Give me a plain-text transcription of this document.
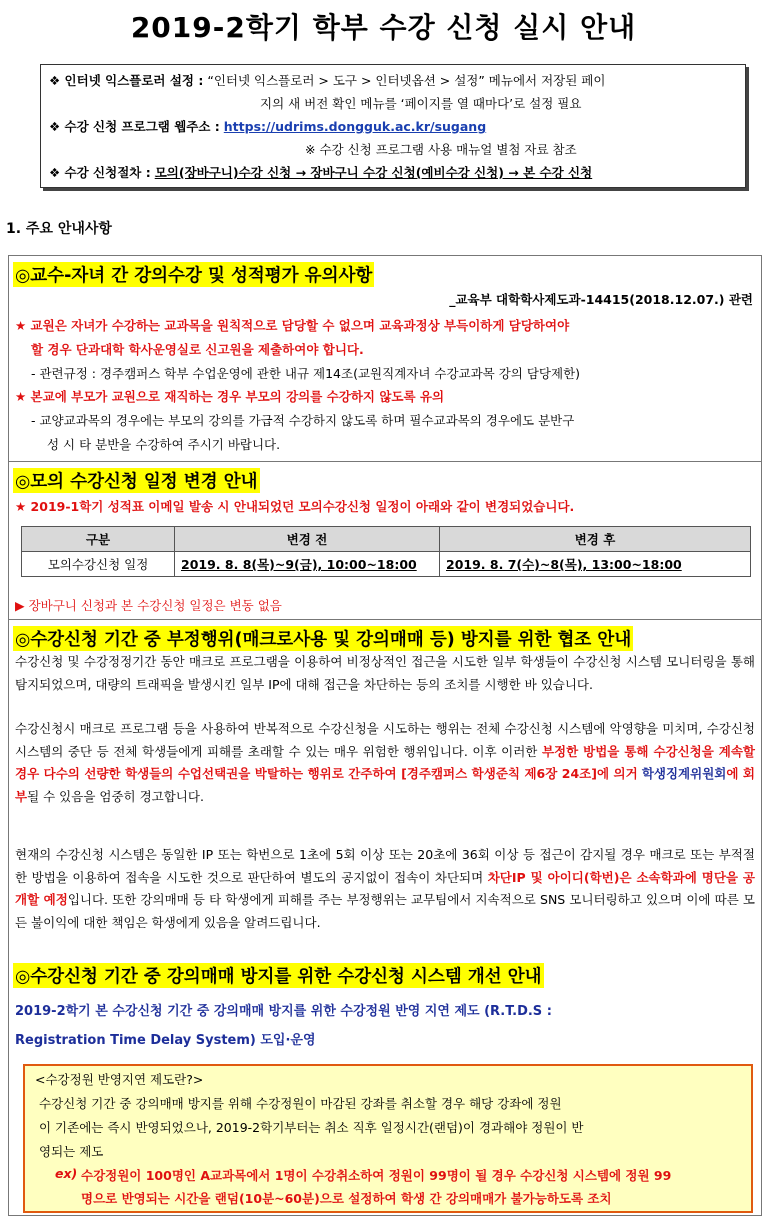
2019-2학기 학부 수강 신청 실시 안내
❖ 인터넷 익스플로러 설정 : “인터넷 익스플로러 > 도구 > 인터넷옵션 > 설정” 메뉴에서 저장된 페이
지의 새 버전 확인 메뉴를 ‘페이지를 열 때마다’로 설정 필요
❖ 수강 신청 프로그램 웹주소 : https://udrims.dongguk.ac.kr/sugang
※ 수강 신청 프로그램 사용 매뉴얼 별첨 자료 참조
❖ 수강 신청절차 : 모의(장바구니)수강 신청 → 장바구니 수강 신청(예비수강 신청) → 본 수강 신청
1. 주요 안내사항
◎교수-자녀 간 강의수강 및 성적평가 유의사항
_교육부 대학학사제도과-14415(2018.12.07.) 관련
★ 교원은 자녀가 수강하는 교과목을 원칙적으로 담당할 수 없으며 교육과정상 부득이하게 담당하여야
할 경우 단과대학 학사운영실로 신고원을 제출하여야 합니다.
- 관련규정 : 경주캠퍼스 학부 수업운영에 관한 내규 제14조(교원직계자녀 수강교과목 강의 담당제한)
★ 본교에 부모가 교원으로 재직하는 경우 부모의 강의를 수강하지 않도록 유의
- 교양교과목의 경우에는 부모의 강의를 가급적 수강하지 않도록 하며 필수교과목의 경우에도 분반구
성 시 타 분반을 수강하여 주시기 바랍니다.
◎모의 수강신청 일정 변경 안내
★ 2019-1학기 성적표 이메일 발송 시 안내되었던 모의수강신청 일정이 아래와 같이 변경되었습니다.
구분	변경 전	변경 후
모의수강신청 일정	2019. 8. 8(목)~9(금), 10:00~18:00	2019. 8. 7(수)~8(목), 13:00~18:00
▶ 장바구니 신청과 본 수강신청 일정은 변동 없음
◎수강신청 기간 중 부정행위(매크로사용 및 강의매매 등) 방지를 위한 협조 안내
수강신청 및 수강정정기간 동안 매크로 프로그램을 이용하여 비정상적인 접근을 시도한 일부 학생들이 수강신청 시스템 모니터링을 통해 탐지되었으며, 대량의 트래픽을 발생시킨 일부 IP에 대해 접근을 차단하는 등의 조치를 시행한 바 있습니다.
수강신청시 매크로 프로그램 등을 사용하여 반복적으로 수강신청을 시도하는 행위는 전체 수강신청 시스템에 악영향을 미치며, 수강신청 시스템의 중단 등 전체 학생들에게 피해를 초래할 수 있는 매우 위험한 행위입니다. 이후 이러한 부정한 방법을 통해 수강신청을 계속할 경우 다수의 선량한 학생들의 수업선택권을 박탈하는 행위로 간주하여 [경주캠퍼스 학생준칙 제6장 24조]에 의거 학생징계위원회에 회부될 수 있음을 엄중히 경고합니다.
현재의 수강신청 시스템은 동일한 IP 또는 학번으로 1초에 5회 이상 또는 20초에 36회 이상 등 접근이 감지될 경우 매크로 또는 부적절한 방법을 이용하여 접속을 시도한 것으로 판단하여 별도의 공지없이 접속이 차단되며 차단IP 및 아이디(학번)은 소속학과에 명단을 공개할 예정입니다. 또한 강의매매 등 타 학생에게 피해를 주는 부정행위는 교무팀에서 지속적으로 SNS 모니터링하고 있으며 이에 따른 모든 불이익에 대한 책임은 학생에게 있음을 알려드립니다.
◎수강신청 기간 중 강의매매 방지를 위한 수강신청 시스템 개선 안내
2019-2학기 본 수강신청 기간 중 강의매매 방지를 위한 수강정원 반영 지연 제도 (R.T.D.S :
Registration Time Delay System) 도입·운영
<수강정원 반영지연 제도란?>
수강신청 기간 중 강의매매 방지를 위해 수강정원이 마감된 강좌를 취소할 경우 해당 강좌에 정원
이 기존에는 즉시 반영되었으나, 2019-2학기부터는 취소 직후 일정시간(랜덤)이 경과해야 정원이 반
영되는 제도
ex) 수강정원이 100명인 A교과목에서 1명이 수강취소하여 정원이 99명이 될 경우 수강신청 시스템에 정원 99
명으로 반영되는 시간을 랜덤(10분~60분)으로 설정하여 학생 간 강의매매가 불가능하도록 조치
